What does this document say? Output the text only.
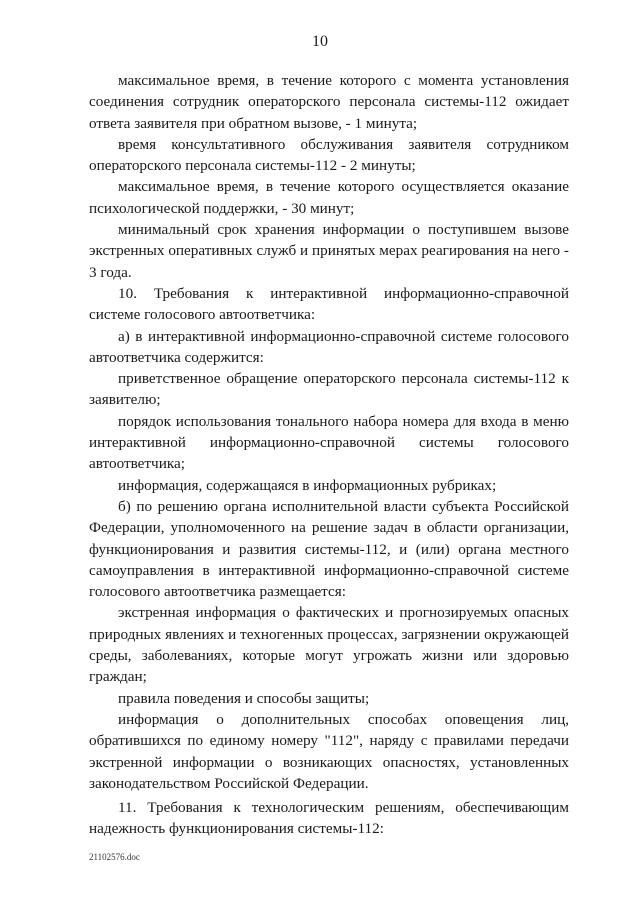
10

максимальное время, в течение которого с момента установления соединения сотрудник операторского персонала системы-112 ожидает ответа заявителя при обратном вызове, - 1 минута;

время консультативного обслуживания заявителя сотрудником операторского персонала системы-112 - 2 минуты;

максимальное время, в течение которого осуществляется оказание психологической поддержки, - 30 минут;

минимальный срок хранения информации о поступившем вызове экстренных оперативных служб и принятых мерах реагирования на него - 3 года.

10. Требования к интерактивной информационно-справочной системе голосового автоответчика:

а) в интерактивной информационно-справочной системе голосового автоответчика содержится:

приветственное обращение операторского персонала системы-112 к заявителю;

порядок использования тонального набора номера для входа в меню интерактивной информационно-справочной системы голосового автоответчика;

информация, содержащаяся в информационных рубриках;

б) по решению органа исполнительной власти субъекта Российской Федерации, уполномоченного на решение задач в области организации, функционирования и развития системы-112, и (или) органа местного самоуправления в интерактивной информационно-справочной системе голосового автоответчика размещается:

экстренная информация о фактических и прогнозируемых опасных природных явлениях и техногенных процессах, загрязнении окружающей среды, заболеваниях, которые могут угрожать жизни или здоровью граждан;

правила поведения и способы защиты;

информация о дополнительных способах оповещения лиц, обратившихся по единому номеру "112", наряду с правилами передачи экстренной информации о возникающих опасностях, установленных законодательством Российской Федерации.

11. Требования к технологическим решениям, обеспечивающим надежность функционирования системы-112:

21102576.doc
